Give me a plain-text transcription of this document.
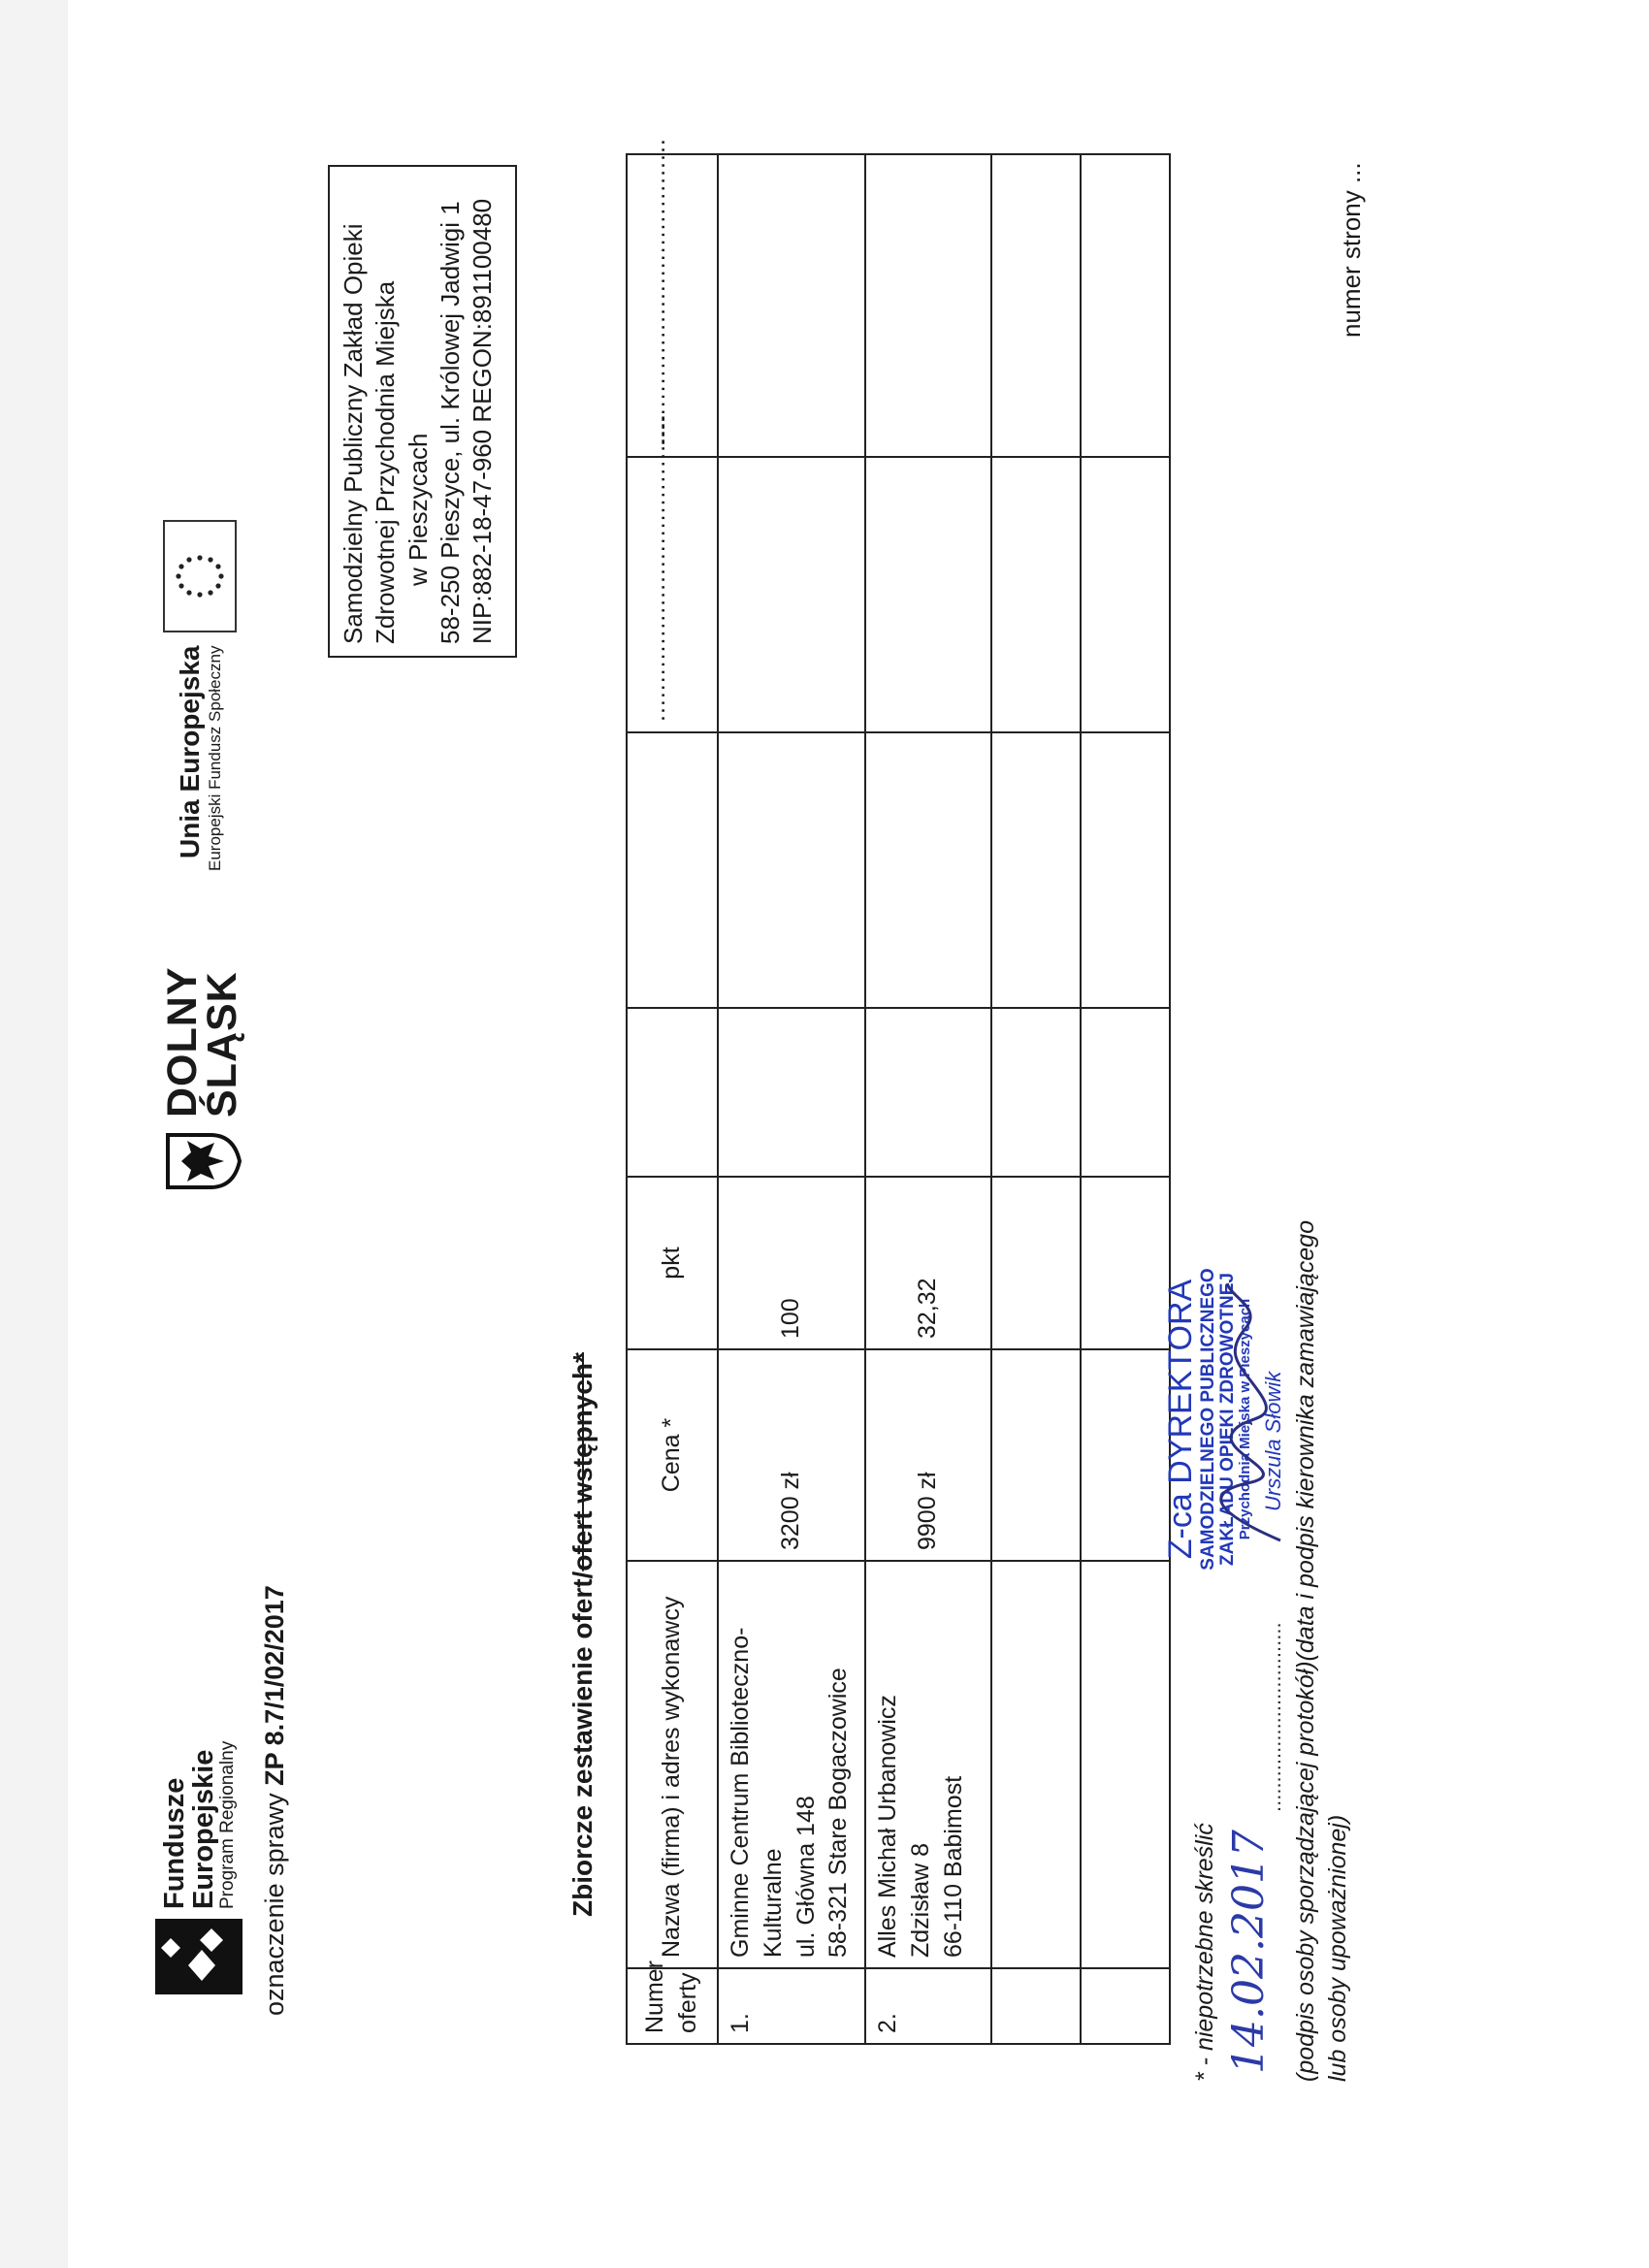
Fundusze
Europejskie
Program Regionalny
DOLNY
ŚLĄSK
Unia Europejska Europejski Fundusz Społeczny
oznaczenie sprawy ZP 8.7/1/02/2017
Samodzielny Publiczny Zakład Opieki Zdrowotnej Przychodnia Miejska w Pieszycach 58-250 Pieszyce, ul. Królowej Jadwigi 1 NIP:882-18-47-960 REGON:891100480
Zbiorcze zestawienie ofert/ofert wstępnych*
Numer oferty	Nazwa (firma) i adres wykonawcy	Cena *	pkt			........................................	........................................

1.	Gminne Centrum Biblioteczno- Kulturalne ul. Główna 148 58-321 Stare Bogaczowice	3200 zł	100				
2.	Alles Michał Urbanowicz Zdzisław 8 66-110 Babimost	9900 zł	32,32				

* - niepotrzebne skreślić 14.02.2017
................................
Z-ca DYREKTORA
SAMODZIELNEGO PUBLICZNEGO
ZAKŁADU OPIEKI ZDROWOTNEJ
Przychodnia Miejska w Pieszycach Urszula Słowik
(podpis osoby sporządzającej protokół)(data i podpis kierownika zamawiającego
lub osoby upoważnionej)
numer strony ...
